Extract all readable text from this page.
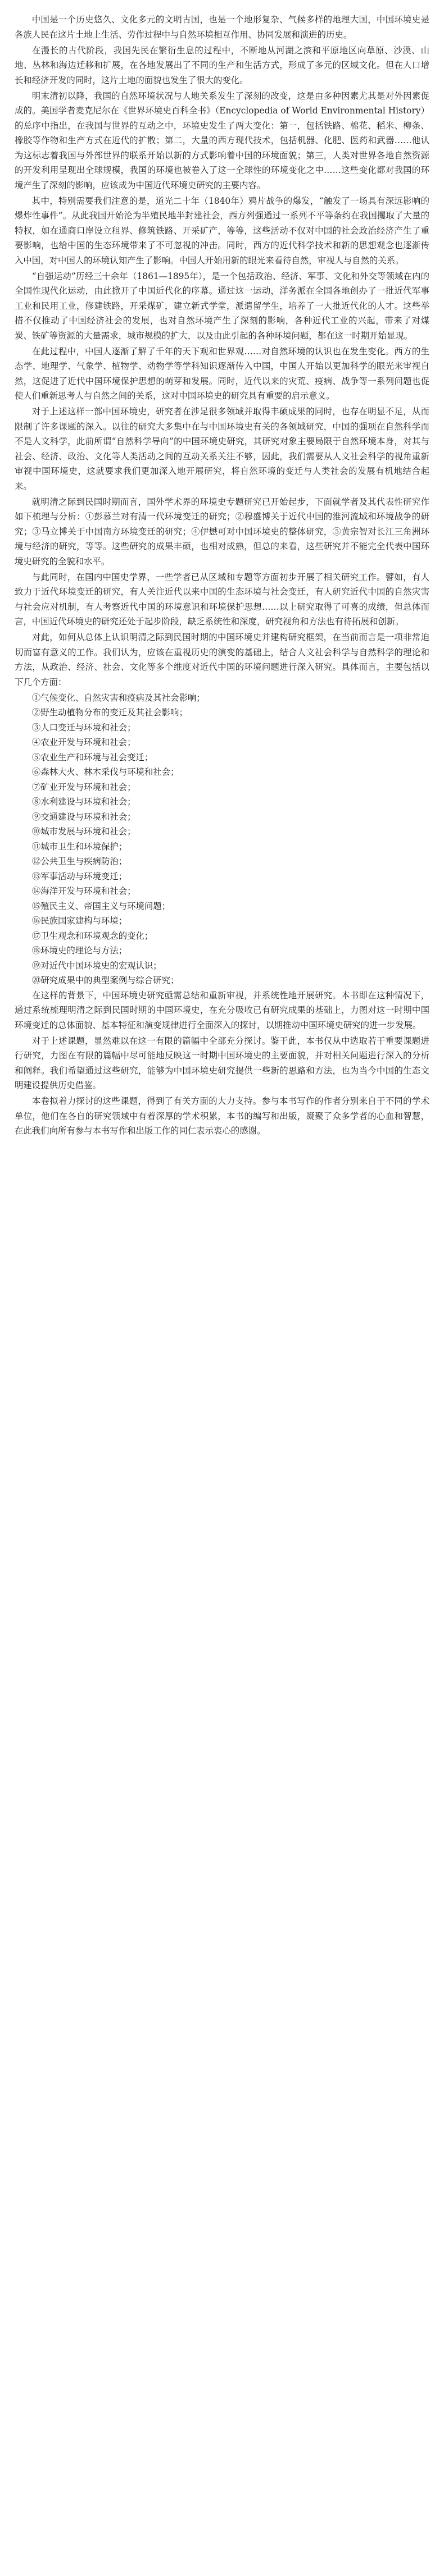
中国是一个历史悠久、文化多元的文明古国，也是一个地形复杂、气候多样的地理大国，中国环境史是各族人民在这片土地上生活、劳作过程中与自然环境相互作用、协同发展和演进的历史。

在漫长的古代阶段，我国先民在繁衍生息的过程中，不断地从河湖之滨和平原地区向草原、沙漠、山地、丛林和海边迁移和扩展，在各地发展出了不同的生产和生活方式，形成了多元的区域文化。但在人口增长和经济开发的同时，这片土地的面貌也发生了很大的变化。

明末清初以降，我国的自然环境状况与人地关系发生了深刻的改变，这是由多种因素尤其是对外因素促成的。美国学者麦克尼尔在《世界环境史百科全书》（Encyclopedia of World Environmental History）的总序中指出，在我国与世界的互动之中，环境史发生了两大变化：第一，包括铁路、棉花、稻米、柳条、橡胶等作物和生产方式在近代的扩散；第二，大量的西方现代技术，包括机器、化肥、医药和武器……他认为这标志着我国与外部世界的联系开始以新的方式影响着中国的环境面貌；第三，人类对世界各地自然资源的开发利用呈现出全球规模，我国的环境也被卷入了这一全球性的环境变化之中……这些变化都对我国的环境产生了深刻的影响，应该成为中国近代环境史研究的主要内容。

其中，特别需要我们注意的是，道光二十年（1840年）鸦片战争的爆发，“触发了一场具有深远影响的爆炸性事件”。从此我国开始沦为半殖民地半封建社会，西方列强通过一系列不平等条约在我国攫取了大量的特权，如在通商口岸设立租界、修筑铁路、开采矿产，等等，这些活动不仅对中国的社会政治经济产生了重要影响，也给中国的生态环境带来了不可忽视的冲击。同时，西方的近代科学技术和新的思想观念也逐渐传入中国，对中国人的环境认知产生了影响。中国人开始用新的眼光来看待自然，审视人与自然的关系。

“自强运动”历经三十余年（1861—1895年），是一个包括政治、经济、军事、文化和外交等领域在内的全国性现代化运动，由此掀开了中国近代化的序幕。通过这一运动，洋务派在全国各地创办了一批近代军事工业和民用工业，修建铁路，开采煤矿，建立新式学堂，派遣留学生，培养了一大批近代化的人才。这些举措不仅推动了中国经济社会的发展，也对自然环境产生了深刻的影响，各种近代工业的兴起，带来了对煤炭、铁矿等资源的大量需求，城市规模的扩大，以及由此引起的各种环境问题，都在这一时期开始显现。

在此过程中，中国人逐渐了解了千年的天下观和世界观……对自然环境的认识也在发生变化。西方的生态学、地理学、气象学、植物学、动物学等学科知识逐渐传入中国，中国人开始以更加科学的眼光来审视自然，这促进了近代中国环境保护思想的萌芽和发展。同时，近代以来的灾荒、疫病、战争等一系列问题也促使人们重新思考人与自然之间的关系，这对中国环境史的研究具有重要的启示意义。

对于上述这样一部中国环境史，研究者在涉足很多领域并取得丰硕成果的同时，也存在明显不足，从而限制了许多课题的深入。以往的研究大多集中在与中国环境史有关的各领域研究，中国的强项在自然科学而不是人文科学，此前所谓“自然科学导向”的中国环境史研究，其研究对象主要局限于自然环境本身，对其与社会、经济、政治、文化等人类活动之间的互动关系关注不够，因此，我们需要从人文社会科学的视角重新审视中国环境史，这就要求我们更加深入地开展研究，将自然环境的变迁与人类社会的发展有机地结合起来。

就明清之际到民国时期而言，国外学术界的环境史专题研究已开始起步，下面就学者及其代表性研究作如下梳理与分析：①彭慕兰对有清一代环境变迁的研究；②穆盛博关于近代中国的淮河流域和环境战争的研究；③马立博关于中国南方环境变迁的研究；④伊懋可对中国环境史的整体研究，⑤黄宗智对长江三角洲环境与经济的研究，等等。这些研究的成果丰硕，也相对成熟，但总的来看，这些研究并不能完全代表中国环境史研究的全貌和水平。

与此同时，在国内中国史学界，一些学者已从区域和专题等方面初步开展了相关研究工作。譬如，有人致力于近代环境变迁的研究，有人关注近代以来中国的生态环境与社会变迁，有人研究近代中国的自然灾害与社会应对机制，有人考察近代中国的环境意识和环境保护思想……以上研究取得了可喜的成绩，但总体而言，中国近代环境史的研究还处于起步阶段，缺乏系统性和深度，研究视角和方法也有待拓展和创新。

对此，如何从总体上认识明清之际到民国时期的中国环境史并建构研究框架，在当前而言是一项非常迫切而富有意义的工作。我们认为，应该在重视历史的演变的基础上，结合人文社会科学与自然科学的理论和方法，从政治、经济、社会、文化等多个维度对近代中国的环境问题进行深入研究。具体而言，主要包括以下几个方面：

①气候变化、自然灾害和疫病及其社会影响；

②野生动植物分布的变迁及其社会影响；

③人口变迁与环境和社会；

④农业开发与环境和社会；

⑤农业生产和环境与社会变迁；

⑥森林大火、林木采伐与环境和社会；

⑦矿业开发与环境和社会；

⑧水利建设与环境和社会；

⑨交通建设与环境和社会；

⑩城市发展与环境和社会；

⑪城市卫生和环境保护；

⑫公共卫生与疾病防治；

⑬军事活动与环境变迁；

⑭海洋开发与环境和社会；

⑮殖民主义、帝国主义与环境问题；

⑯民族国家建构与环境；

⑰卫生观念和环境观念的变化；

⑱环境史的理论与方法；

⑲对近代中国环境史的宏观认识；

⑳研究成果中的典型案例与综合研究；

在这样的背景下，中国环境史研究亟需总结和重新审视，并系统性地开展研究。本书即在这种情况下，通过系统梳理明清之际到民国时期的中国环境史，在充分吸收已有研究成果的基础上，力图对这一时期中国环境变迁的总体面貌、基本特征和演变规律进行全面深入的探讨，以期推动中国环境史研究的进一步发展。

对于上述课题，显然难以在这一有限的篇幅中全部充分探讨。鉴于此，本书仅从中选取若干重要课题进行研究，力图在有限的篇幅中尽可能地反映这一时期中国环境史的主要面貌，并对相关问题进行深入的分析和阐释。我们希望通过这些研究，能够为中国环境史研究提供一些新的思路和方法，也为当今中国的生态文明建设提供历史借鉴。

本卷拟着力探讨的这些课题，得到了有关方面的大力支持。参与本书写作的作者分别来自于不同的学术单位，他们在各自的研究领域中有着深厚的学术积累，本书的编写和出版，凝聚了众多学者的心血和智慧，在此我们向所有参与本书写作和出版工作的同仁表示衷心的感谢。
